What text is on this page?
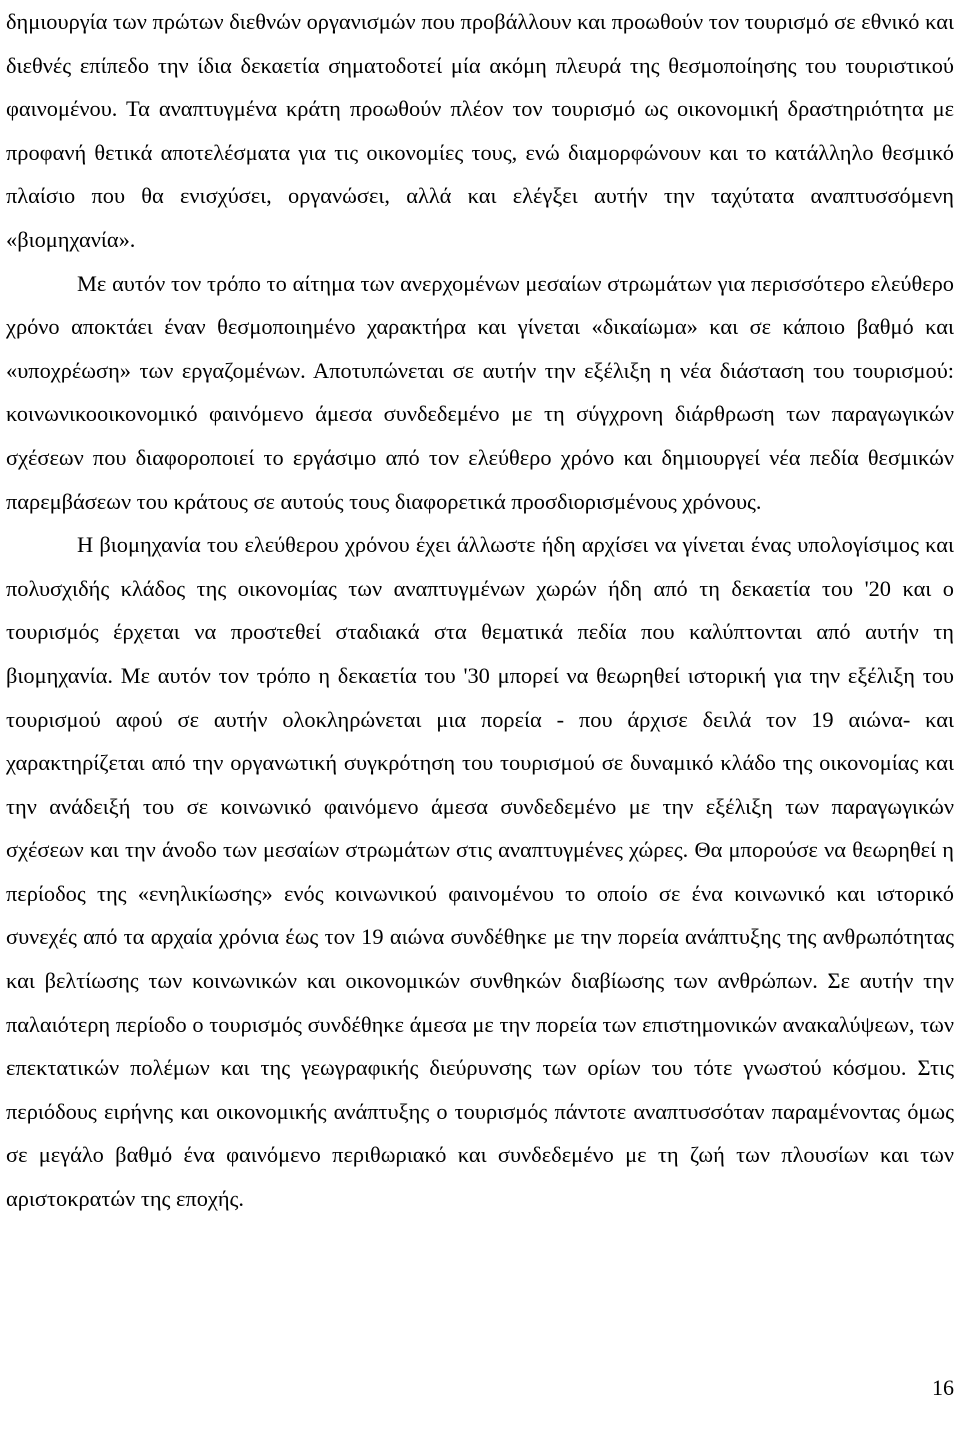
δημιουργία των πρώτων διεθνών οργανισμών που προβάλλουν και προωθούν τον τουρισμό σε εθνικό και διεθνές επίπεδο την ίδια δεκαετία σηματοδοτεί μία ακόμη πλευρά της θεσμοποίησης του τουριστικού φαινομένου. Τα αναπτυγμένα κράτη προωθούν πλέον τον τουρισμό ως οικονομική δραστηριότητα με προφανή θετικά αποτελέσματα για τις οικονομίες τους, ενώ διαμορφώνουν και το κατάλληλο θεσμικό πλαίσιο που θα ενισχύσει, οργανώσει, αλλά και ελέγξει αυτήν την ταχύτατα αναπτυσσόμενη «βιομηχανία».

Με αυτόν τον τρόπο το αίτημα των ανερχομένων μεσαίων στρωμάτων για περισσότερο ελεύθερο χρόνο αποκτάει έναν θεσμοποιημένο χαρακτήρα και γίνεται «δικαίωμα» και σε κάποιο βαθμό και «υποχρέωση» των εργαζομένων. Αποτυπώνεται σε αυτήν την εξέλιξη η νέα διάσταση του τουρισμού: κοινωνικοοικονομικό φαινόμενο άμεσα συνδεδεμένο με τη σύγχρονη διάρθρωση των παραγωγικών σχέσεων που διαφοροποιεί το εργάσιμο από τον ελεύθερο χρόνο και δημιουργεί νέα πεδία θεσμικών παρεμβάσεων του κράτους σε αυτούς τους διαφορετικά προσδιορισμένους χρόνους.

Η βιομηχανία του ελεύθερου χρόνου έχει άλλωστε ήδη αρχίσει να γίνεται ένας υπολογίσιμος και πολυσχιδής κλάδος της οικονομίας των αναπτυγμένων χωρών ήδη από τη δεκαετία του '20 και ο τουρισμός έρχεται να προστεθεί σταδιακά στα θεματικά πεδία που καλύπτονται από αυτήν τη βιομηχανία. Με αυτόν τον τρόπο η δεκαετία του '30 μπορεί να θεωρηθεί ιστορική για την εξέλιξη του τουρισμού αφού σε αυτήν ολοκληρώνεται μια πορεία - που άρχισε δειλά τον 19 αιώνα- και χαρακτηρίζεται από την οργανωτική συγκρότηση του τουρισμού σε δυναμικό κλάδο της οικονομίας και την ανάδειξή του σε κοινωνικό φαινόμενο άμεσα συνδεδεμένο με την εξέλιξη των παραγωγικών σχέσεων και την άνοδο των μεσαίων στρωμάτων στις αναπτυγμένες χώρες. Θα μπορούσε να θεωρηθεί η περίοδος της «ενηλικίωσης» ενός κοινωνικού φαινομένου το οποίο σε ένα κοινωνικό και ιστορικό συνεχές από τα αρχαία χρόνια έως τον 19 αιώνα συνδέθηκε με την πορεία ανάπτυξης της ανθρωπότητας και βελτίωσης των κοινωνικών και οικονομικών συνθηκών διαβίωσης των ανθρώπων. Σε αυτήν την παλαιότερη περίοδο ο τουρισμός συνδέθηκε άμεσα με την πορεία των επιστημονικών ανακαλύψεων, των επεκτατικών πολέμων και της γεωγραφικής διεύρυνσης των ορίων του τότε γνωστού κόσμου. Στις περιόδους ειρήνης και οικονομικής ανάπτυξης ο τουρισμός πάντοτε αναπτυσσόταν παραμένοντας όμως σε μεγάλο βαθμό ένα φαινόμενο περιθωριακό και συνδεδεμένο με τη ζωή των πλουσίων και των αριστοκρατών της εποχής.

16
